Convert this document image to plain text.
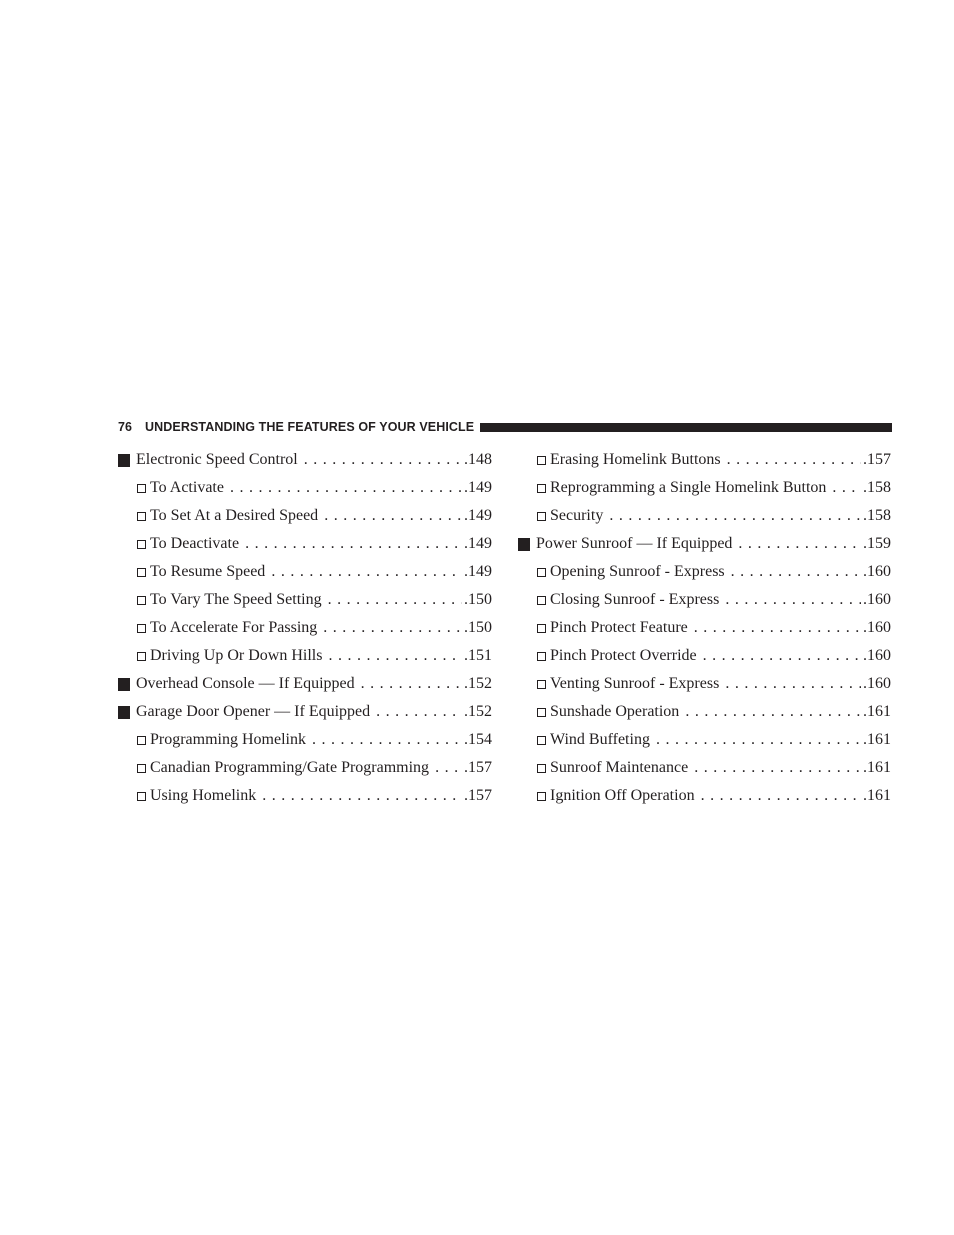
76 UNDERSTANDING THE FEATURES OF YOUR VEHICLE
Electronic Speed Control . . .	.148
To Activate . . .	.149
To Set At a Desired Speed . . .	.149
To Deactivate . . .	.149
To Resume Speed . . .	.149
To Vary The Speed Setting . . .	.150
To Accelerate For Passing . . .	.150
Driving Up Or Down Hills . . .	.151
Overhead Console — If Equipped . . .	.152
Garage Door Opener — If Equipped . . .	.152
Programming Homelink . . .	.154
Canadian Programming/Gate Programming . . . .157
Using Homelink . . .	.157
Erasing Homelink Buttons . . .	.157
Reprogramming a Single Homelink Button . . . .158
Security . . .	.158
Power Sunroof — If Equipped . . .	.159
Opening Sunroof - Express . . .	.160
Closing Sunroof - Express . . .	.160
Pinch Protect Feature . . .	.160
Pinch Protect Override . . .	.160
Venting Sunroof - Express . . .	.160
Sunshade Operation . . .	.161
Wind Buffeting . . .	.161
Sunroof Maintenance . . .	.161
Ignition Off Operation . . .	.161
